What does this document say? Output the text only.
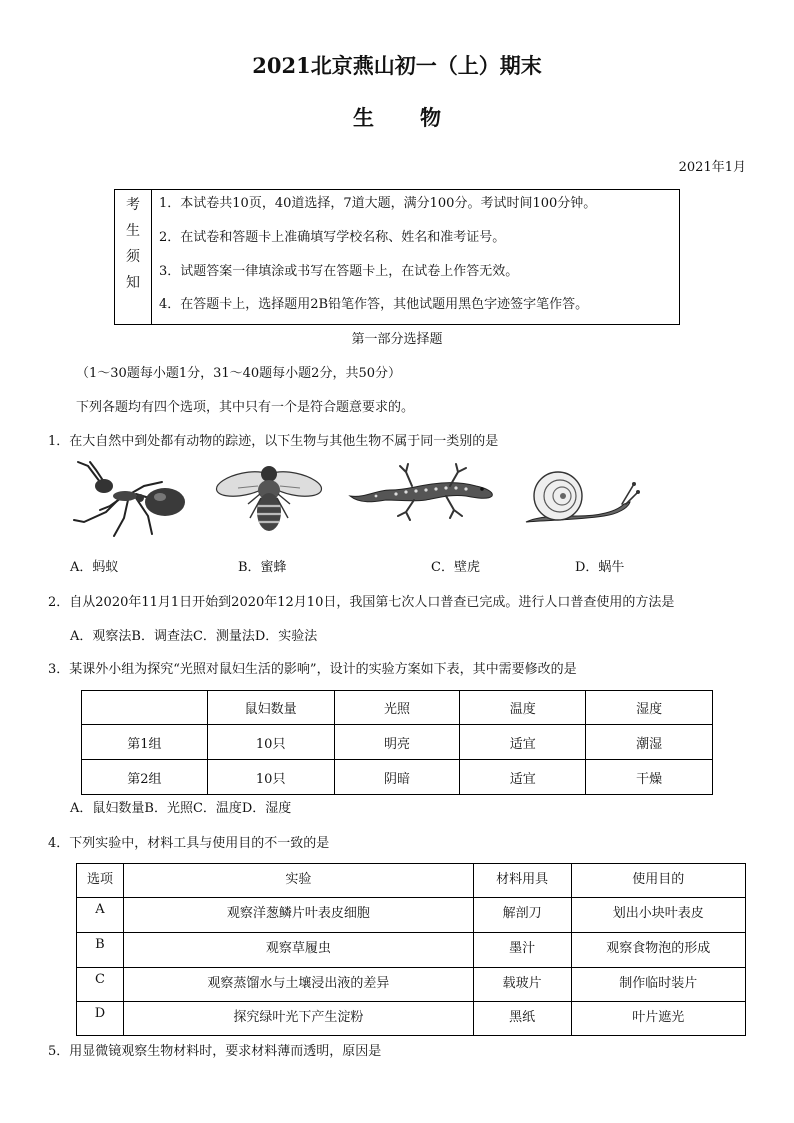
2021北京燕山初一（上）期末
生物
2021年1月
考
生
须
知
1．本试卷共10页，40道选择，7道大题，满分100分。考试时间100分钟。
2．在试卷和答题卡上准确填写学校名称、姓名和准考证号。
3．试题答案一律填涂或书写在答题卡上，在试卷上作答无效。
4．在答题卡上，选择题用2B铅笔作答，其他试题用黑色字迹签字笔作答。
第一部分选择题
（1～30题每小题1分，31～40题每小题2分，共50分）
下列各题均有四个选项，其中只有一个是符合题意要求的。
1．在大自然中到处都有动物的踪迹，以下生物与其他生物不属于同一类别的是
A．蚂蚁	B．蜜蜂	C．壁虎	D．蜗牛
2．自从2020年11月1日开始到2020年12月10日，我国第七次人口普查已完成。进行人口普查使用的方法是
A．观察法B．调查法C．测量法D．实验法
3．某课外小组为探究“光照对鼠妇生活的影响”，设计的实验方案如下表，其中需要修改的是
	鼠妇数量	光照	温度	湿度
第1组	10只	明亮	适宜	潮湿
第2组	10只	阴暗	适宜	干燥
A．鼠妇数量B．光照C．温度D．湿度
4．下列实验中，材料工具与使用目的不一致的是
选项	实验	材料用具	使用目的
A	观察洋葱鳞片叶表皮细胞	解剖刀	划出小块叶表皮
B	观察草履虫	墨汁	观察食物泡的形成
C	观察蒸馏水与土壤浸出液的差异	载玻片	制作临时装片
D	探究绿叶光下产生淀粉	黑纸	叶片遮光
5．用显微镜观察生物材料时，要求材料薄而透明，原因是
